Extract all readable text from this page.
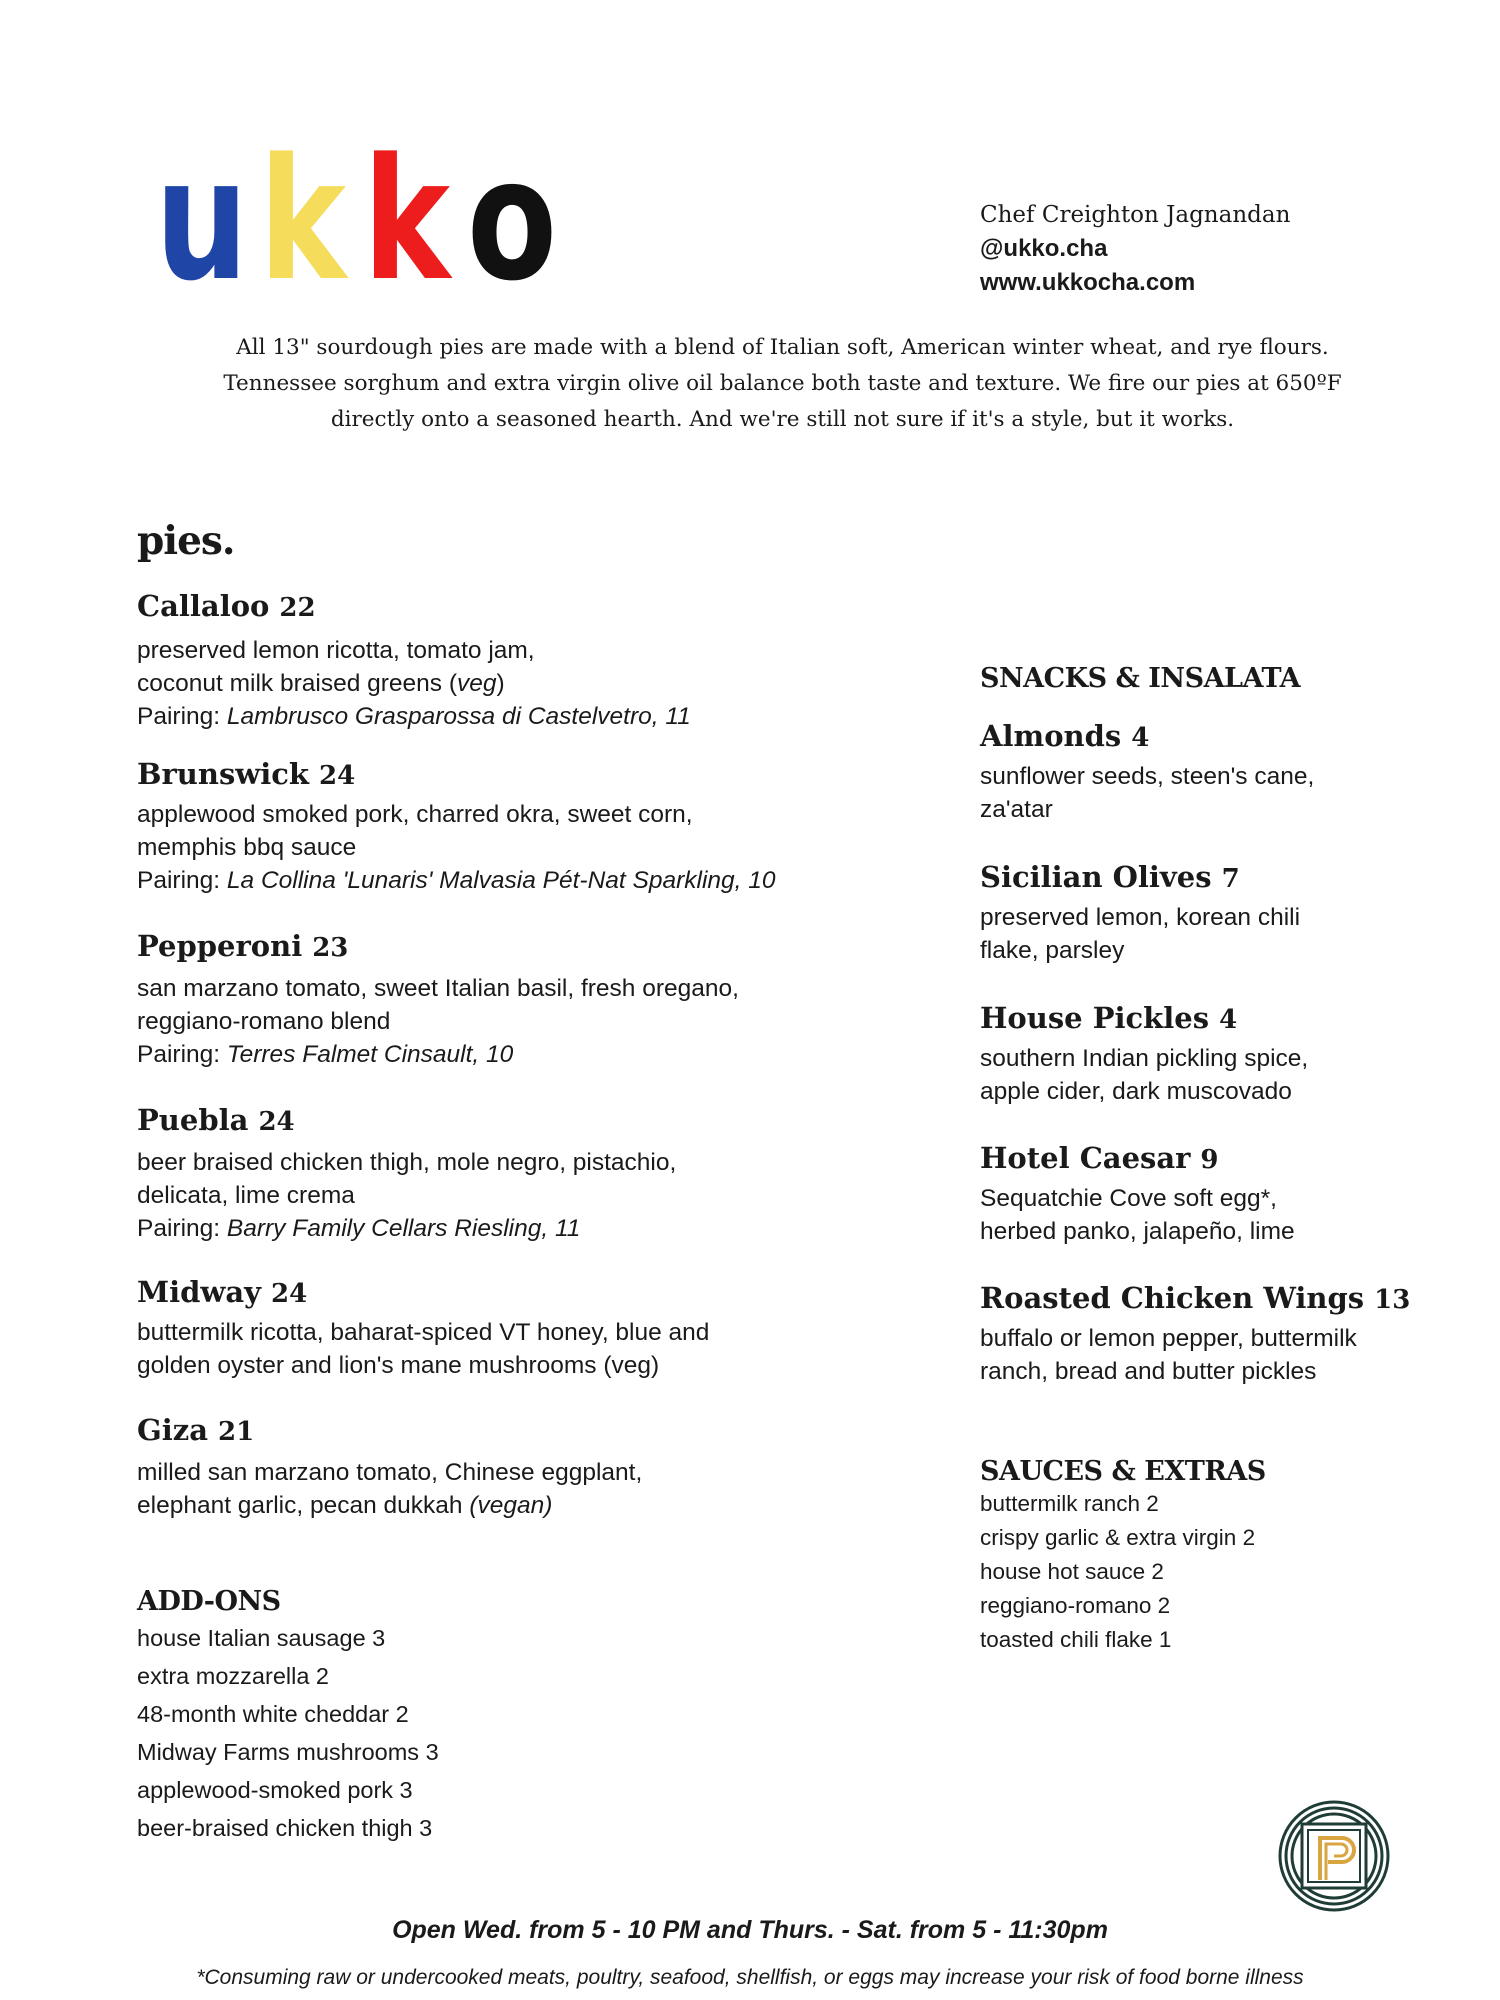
u k k o	Chef Creighton Jagnandan
@ukko.cha
www.ukkocha.com
All 13" sourdough pies are made with a blend of Italian soft, American winter wheat, and rye flours.
Tennessee sorghum and extra virgin olive oil balance both taste and texture. We fire our pies at 650ºF
directly onto a seasoned hearth. And we're still not sure if it's a style, but it works.
pies.
Callaloo 22
preserved lemon ricotta, tomato jam,
coconut milk braised greens (veg)
Pairing: Lambrusco Grasparossa di Castelvetro, 11
Brunswick 24
applewood smoked pork, charred okra, sweet corn,
memphis bbq sauce
Pairing: La Collina 'Lunaris' Malvasia Pét-Nat Sparkling, 10
Pepperoni 23
san marzano tomato, sweet Italian basil, fresh oregano,
reggiano-romano blend
Pairing: Terres Falmet Cinsault, 10
Puebla 24
beer braised chicken thigh, mole negro, pistachio,
delicata, lime crema
Pairing: Barry Family Cellars Riesling, 11
Midway 24
buttermilk ricotta, baharat-spiced VT honey, blue and
golden oyster and lion's mane mushrooms (veg)
Giza 21
milled san marzano tomato, Chinese eggplant,
elephant garlic, pecan dukkah (vegan)
ADD-ONS
house Italian sausage 3
extra mozzarella 2
48-month white cheddar 2
Midway Farms mushrooms 3
applewood-smoked pork 3
beer-braised chicken thigh 3
SNACKS & INSALATA
Almonds 4
sunflower seeds, steen's cane,
za'atar
Sicilian Olives 7
preserved lemon, korean chili
flake, parsley
House Pickles 4
southern Indian pickling spice,
apple cider, dark muscovado
Hotel Caesar 9
Sequatchie Cove soft egg*,
herbed panko, jalapeño, lime
Roasted Chicken Wings 13
buffalo or lemon pepper, buttermilk
ranch, bread and butter pickles
SAUCES & EXTRAS
buttermilk ranch 2
crispy garlic & extra virgin 2
house hot sauce 2
reggiano-romano 2
toasted chili flake 1
Open Wed. from 5 - 10 PM and Thurs. - Sat. from 5 - 11:30pm
*Consuming raw or undercooked meats, poultry, seafood, shellfish, or eggs may increase your risk of food borne illness
